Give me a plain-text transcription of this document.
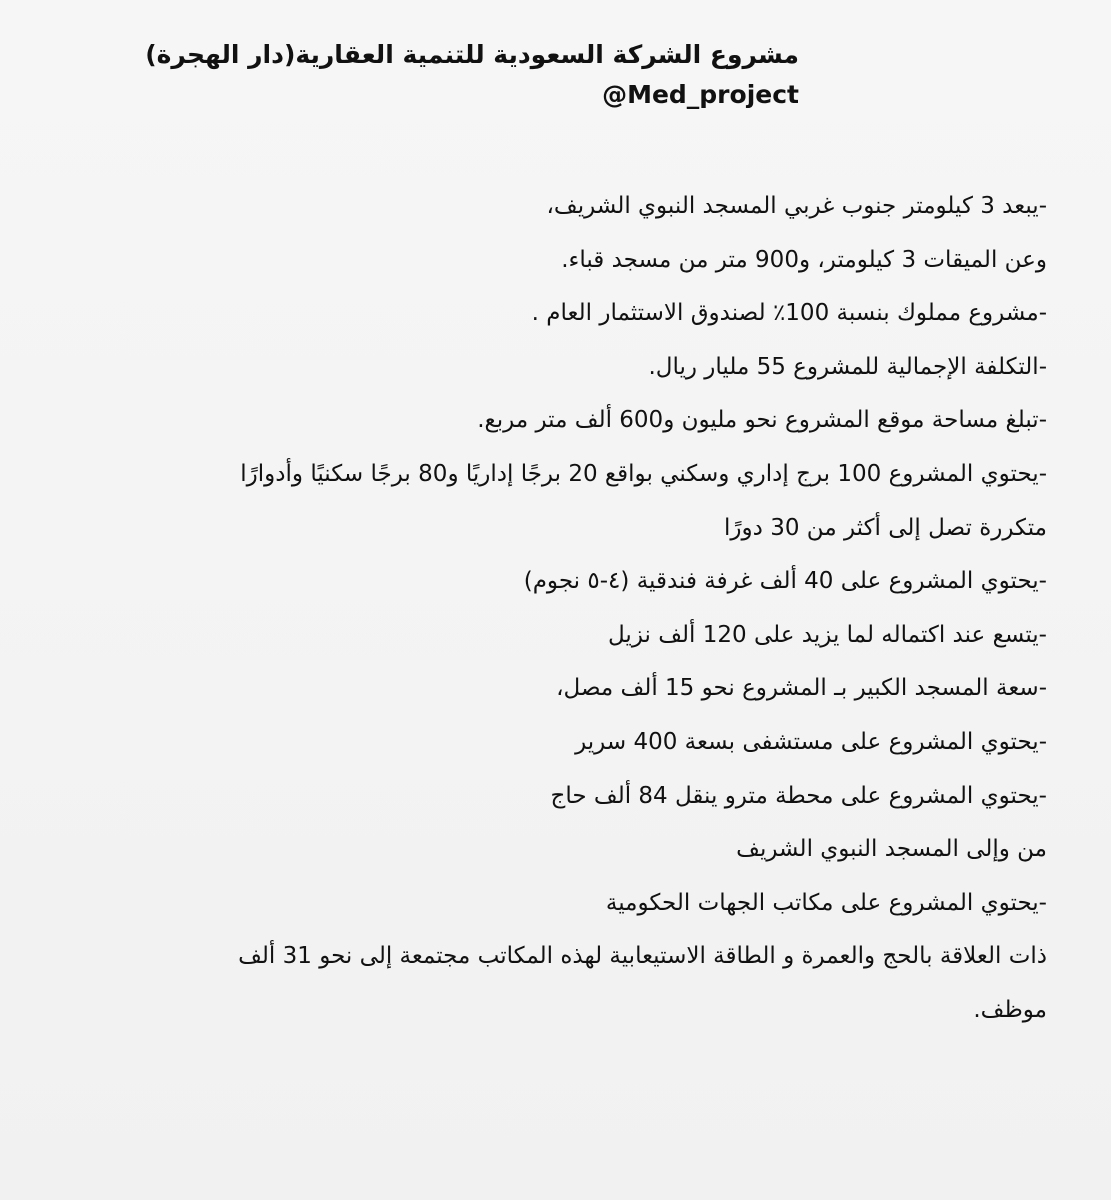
مشروع الشركة السعودية للتنمية العقارية(دار الهجرة)

@Med_project

-يبعد 3 كيلومتر جنوب غربي المسجد النبوي الشريف،
وعن الميقات 3 كيلومتر، و900 متر من مسجد قباء.
-مشروع مملوك بنسبة 100٪ لصندوق الاستثمار العام .
-التكلفة الإجمالية للمشروع 55 مليار ريال.
-تبلغ مساحة موقع المشروع نحو مليون و600 ألف متر مربع.
-يحتوي المشروع 100 برج إداري وسكني بواقع 20 برجًا إداريًا و80 برجًا سكنيًا وأدوارًا
متكررة تصل إلى أكثر من 30 دورًا
-يحتوي المشروع على 40 ألف غرفة فندقية (٤-٥ نجوم)
-يتسع عند اكتماله لما يزيد على 120 ألف نزيل
-سعة المسجد الكبير بـ المشروع نحو 15 ألف مصل،
-يحتوي المشروع على مستشفى بسعة 400 سرير
-يحتوي المشروع على محطة مترو ينقل 84 ألف حاج
من وإلى المسجد النبوي الشريف
-يحتوي المشروع على مكاتب الجهات الحكومية
ذات العلاقة بالحج والعمرة و الطاقة الاستيعابية لهذه المكاتب مجتمعة إلى نحو 31 ألف
موظف.
